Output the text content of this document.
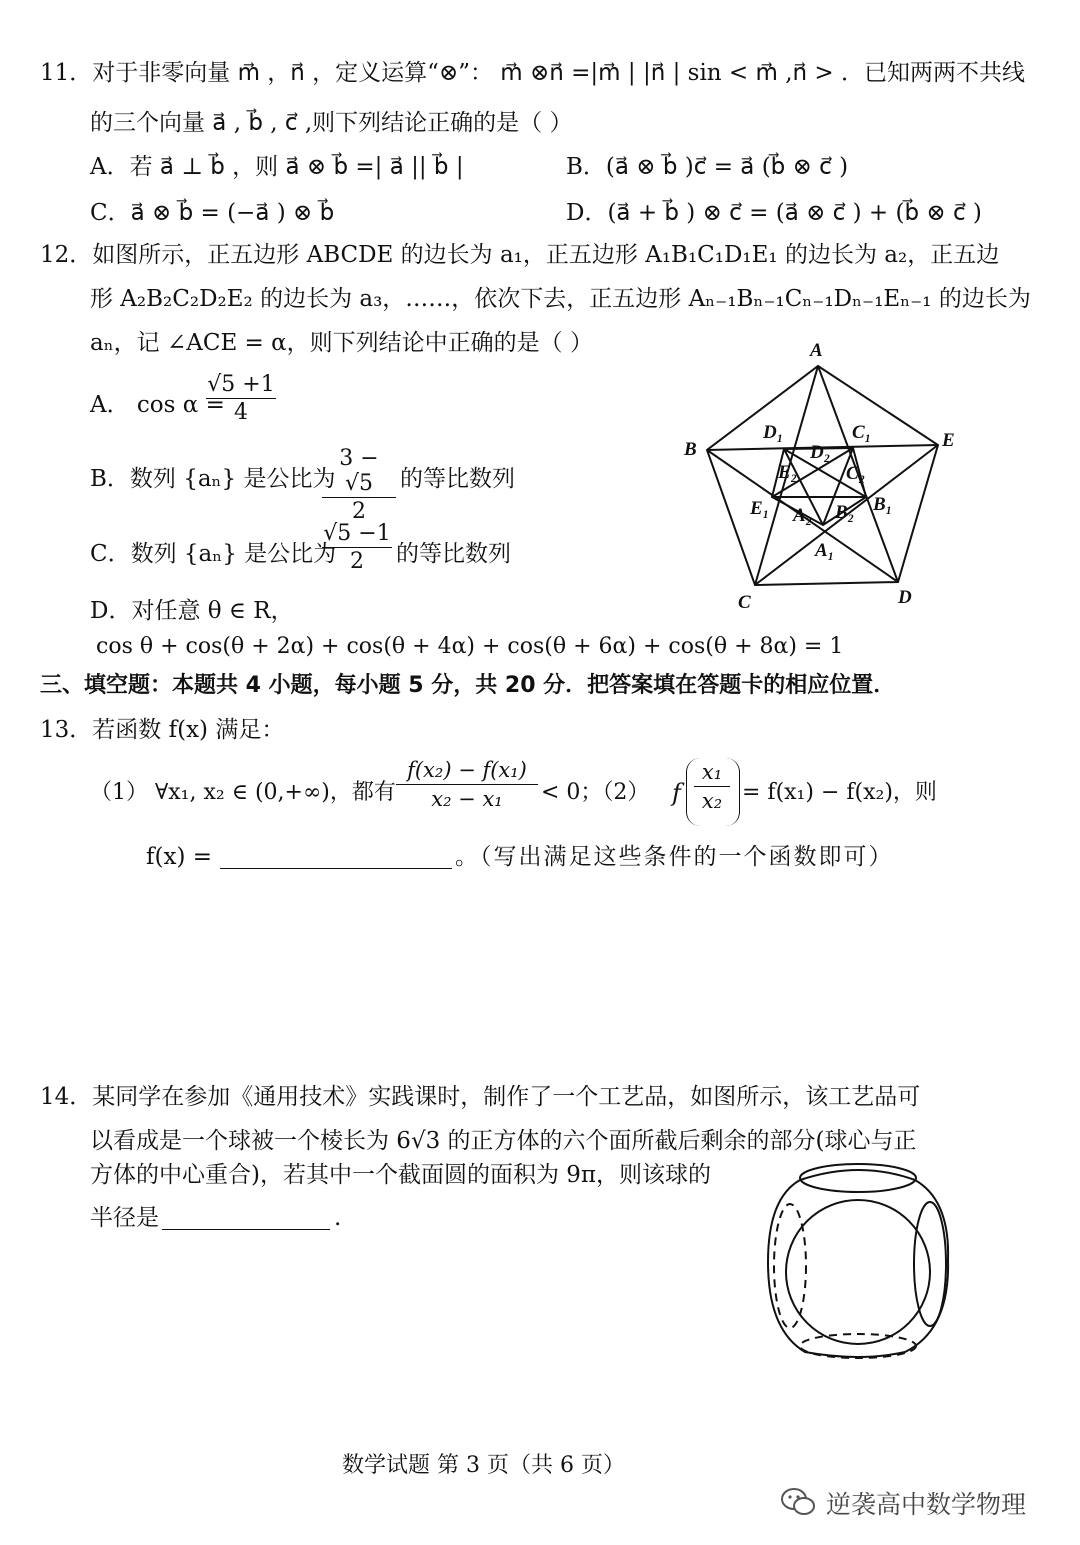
11．对于非零向量 m⃗ ，n⃗ ，定义运算“⊗”： m⃗ ⊗n⃗ =|m⃗ | |n⃗ | sin < m⃗ ,n⃗ > ．已知两两不共线
的三个向量 a⃗ , b⃗ , c⃗ ,则下列结论正确的是（ ）
A．若 a⃗ ⊥ b⃗ ，则 a⃗ ⊗ b⃗ =| a⃗ || b⃗ |	B．(a⃗ ⊗ b⃗ )c⃗ = a⃗ (b⃗ ⊗ c⃗ )
C．a⃗ ⊗ b⃗ = (−a⃗ ) ⊗ b⃗	D．(a⃗ + b⃗ ) ⊗ c⃗ = (a⃗ ⊗ c⃗ ) + (b⃗ ⊗ c⃗ )
12．如图所示，正五边形 ABCDE 的边长为 a₁，正五边形 A₁B₁C₁D₁E₁ 的边长为 a₂，正五边
形 A₂B₂C₂D₂E₂ 的边长为 a₃，……，依次下去，正五边形 Aₙ₋₁Bₙ₋₁Cₙ₋₁Dₙ₋₁Eₙ₋₁ 的边长为
aₙ，记 ∠ACE = α，则下列结论中正确的是（ ）
A． cos α =
√5 +1
4
B．数列 {aₙ} 是公比为
3 − √5
2
的等比数列
C．数列 {aₙ} 是公比为
√5 −1
2	的等比数列
D．对任意 θ ∈ R，
cos θ + cos(θ + 2α) + cos(θ + 4α) + cos(θ + 6α) + cos(θ + 8α) = 1
A
B
C	D
E
A₁
B₁
C₁
D₁
E₁ A₂ B₂
C₂
D₂
E₂
三、填空题：本题共 4 小题，每小题 5 分，共 20 分．把答案填在答题卡的相应位置．
13．若函数 f(x) 满足：
（1） ∀x₁, x₂ ∈ (0,+∞)，都有
f(x₂) − f(x₁)
x₂ − x₁	< 0；（2） f
x₁
x₂ = f(x₁) − f(x₂)，则
f(x) =	。（写出满足这些条件的一个函数即可）
14．某同学在参加《通用技术》实践课时，制作了一个工艺品，如图所示，该工艺品可
以看成是一个球被一个棱长为 6√3 的正方体的六个面所截后剩余的部分(球心与正
方体的中心重合)，若其中一个截面圆的面积为 9π，则该球的
半径是	.
数学试题 第 3 页（共 6 页）
逆袭高中数学物理
